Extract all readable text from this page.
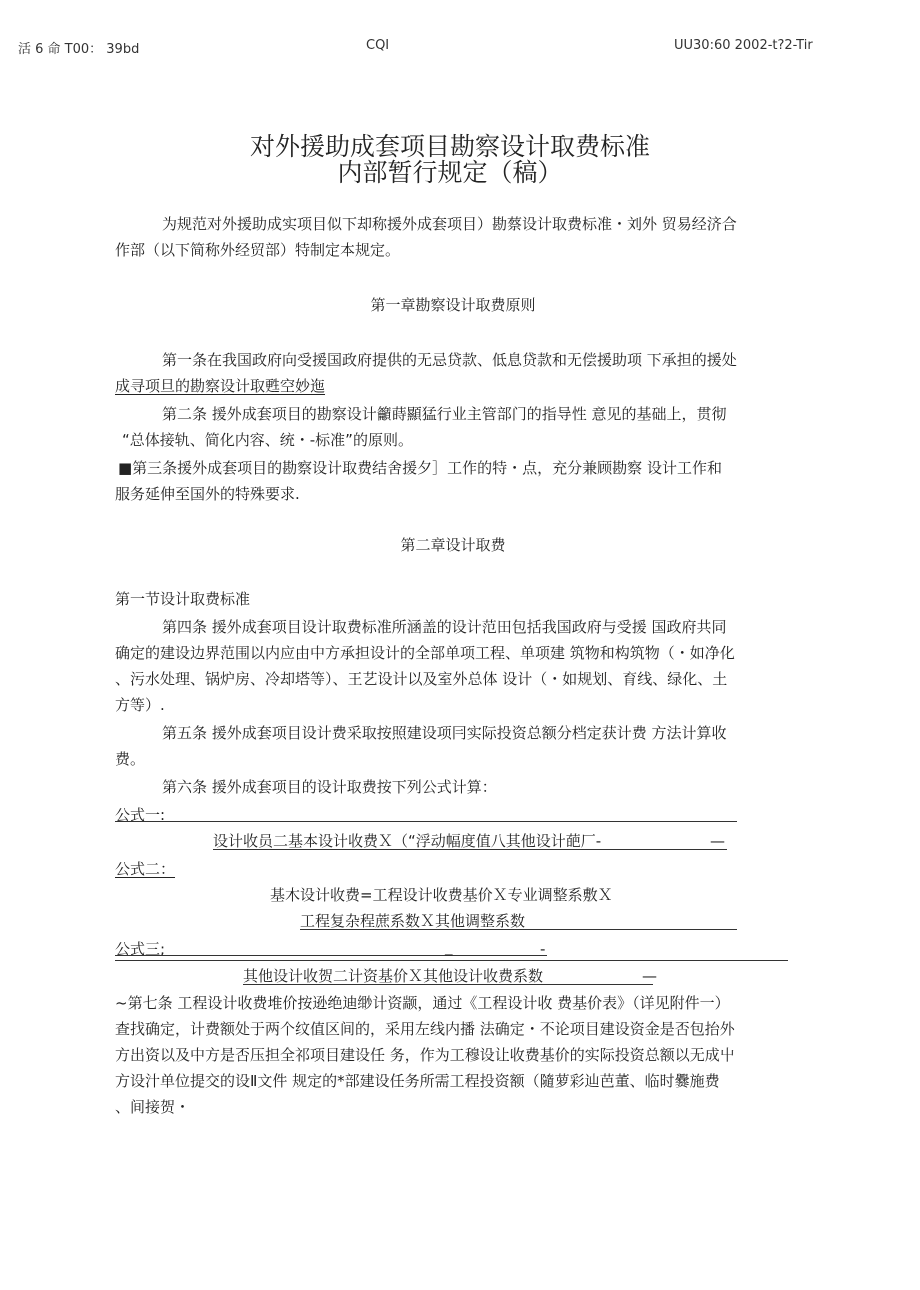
活 6 命 T00： 39bd	CQI	UU30:60 2002-t?2-Tir
对外援助成套项目勘察设计取费标准
内部暂行规定（稿）
为规范对外援助成实项目似下却称援外成套项目）勘蔡设计取费标准・刘外 贸易经济合
作部（以下简称外经贸部）特制定本规定。
第一章勘察设计取费原则
第一条在我国政府向受援国政府提供的无忌贷款、低息贷款和无偿援助项 下承担的援处
成寻项旦的勘察设计取甦空妙迤
第二条 援外成套项目的勘察设计籲蒔顯猛行业主管部门的指导性 意见的基础上，贯彻
“总体接轨、简化内容、统・-标准”的原则。
■第三条援外成套项目的勘察设计取费结舍援夕］工作的特・点，充分兼顾勘察 设计工作和
服务延伸至国外的特殊要求.
第二章设计取费
第一节设计取费标准
第四条 援外成套项目设计取费标准所涵盖的设计范田包括我国政府与受援 国政府共同
确定的建设边界范围以内应由中方承担设计的全部单项工程、单项建 筑物和构筑物（・如净化
、污水处理、锅炉房、冷却塔等）、王艺设计以及室外总体 设计（・如规划、育线、绿化、土
方等）.
第五条 援外成套项目设计费采取按照建设项冃实际投资总额分档定获计费 方法计算收
费。
第六条 援外成套项目的设计取费按下列公式计算：
公式一:
设计收员二基本设计收费Ｘ（“浮动幅度值八其他设计葩厂-	—
公式二：
基木设计收费=工程设计收费基价Ｘ专业调整系敷Ｘ
工程复杂程蔗系数Ｘ其他调整系数
公式三;	_	-
其他设计收贺二计资基价Ｘ其他设计收费系数	—
~第七条 工程设计收费堆价按逊绝迪缈计资颛，通过《工程设计收 费基价表》（详见附件一）
查找确定，计费额处于两个纹值区间的，采用左线内播 法确定・不论项目建设资金是否包抬外
方出资以及中方是否压担全祁项目建设任 务，作为工穆设让收费基价的实际投资总额以无成屮
方设汁单位提交的设Ⅱ文件 规定的*部建设任务所需工程投资额（隨萝彩辿芭董、临时爨施费
、间接贺・
